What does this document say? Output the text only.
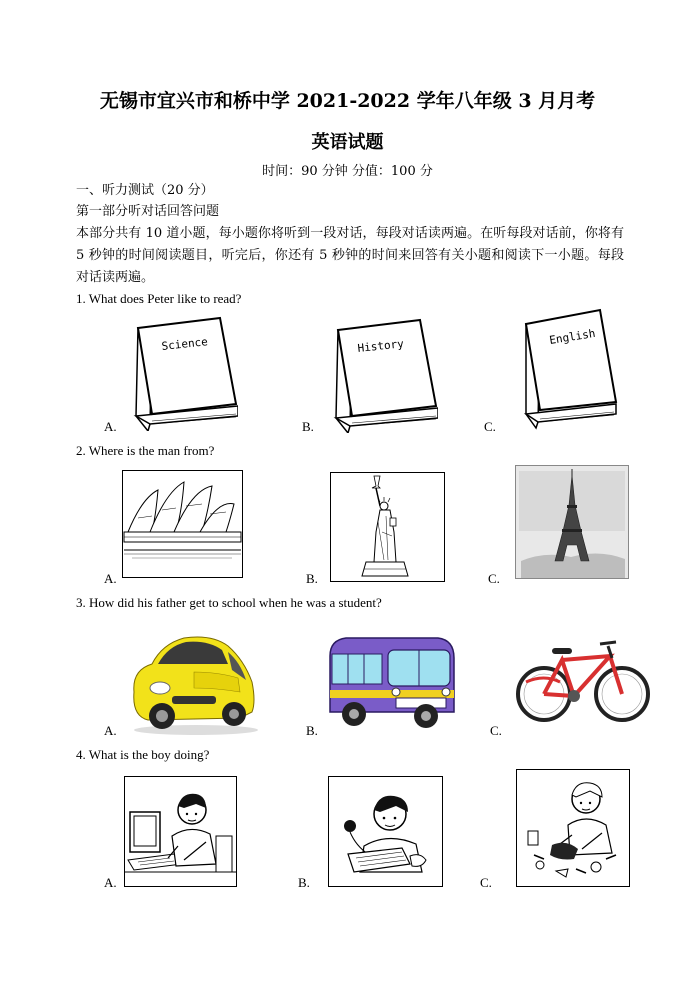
无锡市宜兴市和桥中学 2021-2022 学年八年级 3 月月考
英语试题
时间：90 分钟 分值：100 分
一、听力测试（20 分）
第一部分听对话回答问题
本部分共有 10 道小题，每小题你将听到一段对话，每段对话读两遍。在听每段对话前，你将有 5 秒钟的时间阅读题目，听完后，你还有 5 秒钟的时间来回答有关小题和阅读下一小题。每段对话读两遍。
1. What does Peter like to read?
Science
A.
History
B.
English
C.
2. Where is the man from?
A.	B.	C.
3. How did his father get to school when he was a student?
A.	B.	C.
4. What is the boy doing?
A.	B.	C.
